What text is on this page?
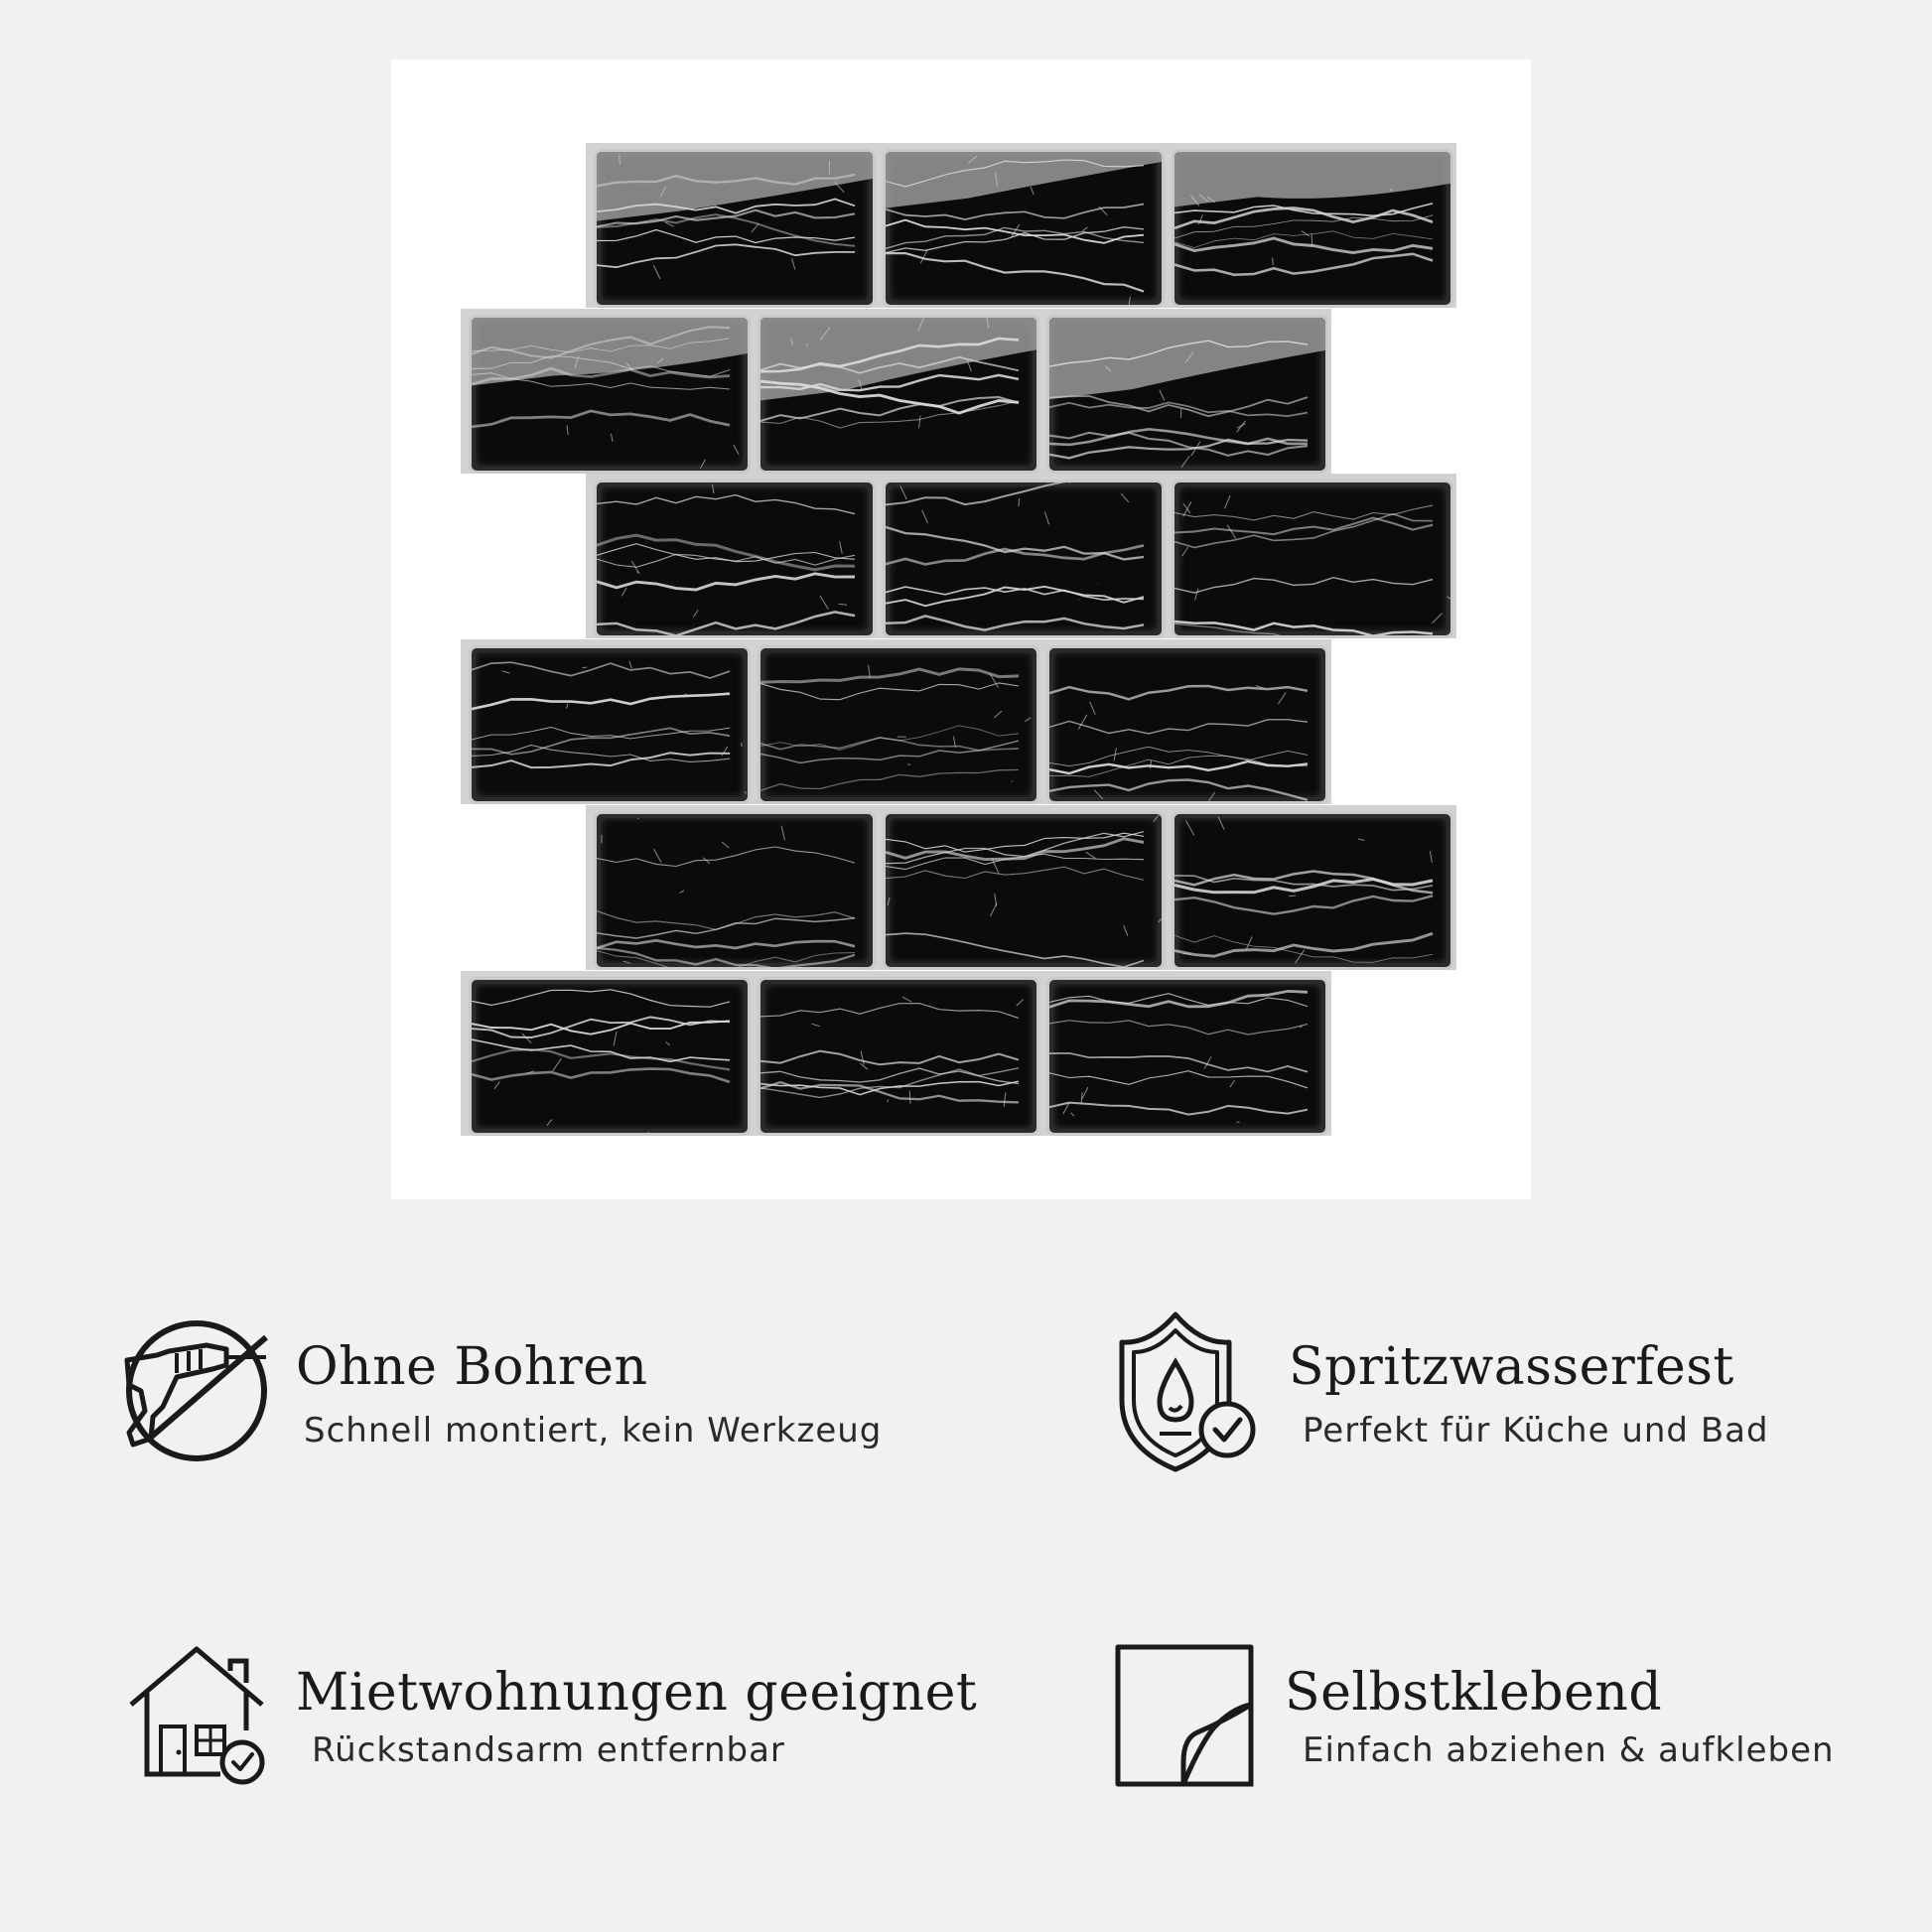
Ohne Bohren
Schnell montiert, kein Werkzeug
Spritzwasserfest
Perfekt für Küche und Bad
Mietwohnungen geeignet
Rückstandsarm entfernbar
Selbstklebend
Einfach abziehen & aufkleben
